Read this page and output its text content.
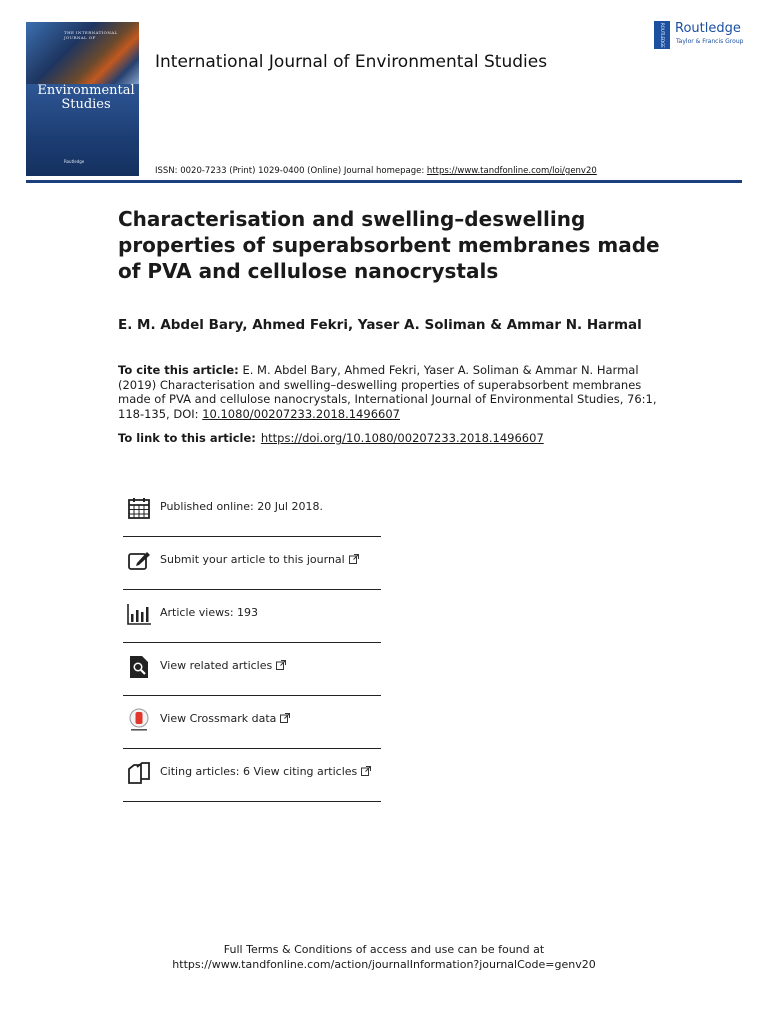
THE INTERNATIONAL JOURNAL OF
Environmental
Studies
Routledge
International Journal of Environmental Studies
ROUTLEDGE Routledge
Taylor & Francis Group
ISSN: 0020-7233 (Print) 1029-0400 (Online) Journal homepage: https://www.tandfonline.com/loi/genv20
Characterisation and swelling–deswelling properties of superabsorbent membranes made of PVA and cellulose nanocrystals
E. M. Abdel Bary, Ahmed Fekri, Yaser A. Soliman & Ammar N. Harmal
To cite this article: E. M. Abdel Bary, Ahmed Fekri, Yaser A. Soliman & Ammar N. Harmal (2019) Characterisation and swelling–deswelling properties of superabsorbent membranes made of PVA and cellulose nanocrystals, International Journal of Environmental Studies, 76:1, 118-135, DOI: 10.1080/00207233.2018.1496607
To link to this article: https://doi.org/10.1080/00207233.2018.1496607
Published online: 20 Jul 2018.
Submit your article to this journal
Article views: 193
View related articles
View Crossmark data
Citing articles: 6 View citing articles
Full Terms & Conditions of access and use can be found at
https://www.tandfonline.com/action/journalInformation?journalCode=genv20
